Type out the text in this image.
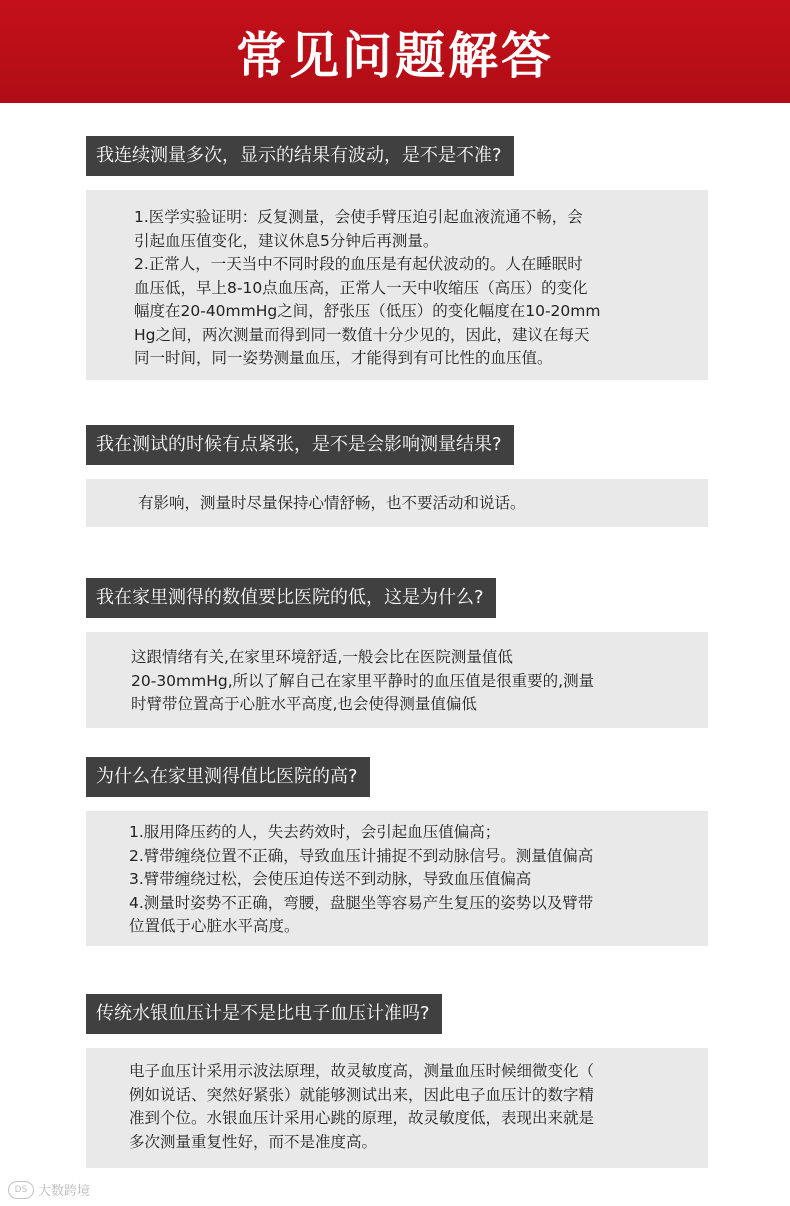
常见问题解答
我连续测量多次，显示的结果有波动，是不是不准?

1.医学实验证明：反复测量，会使手臂压迫引起血液流通不畅，会

引起血压值变化，建议休息5分钟后再测量。

2.正常人，一天当中不同时段的血压是有起伏波动的。人在睡眠时

血压低，早上8-10点血压高，正常人一天中收缩压（高压）的变化

幅度在20-40mmHg之间，舒张压（低压）的变化幅度在10-20mm

Hg之间，两次测量而得到同一数值十分少见的，因此，建议在每天

同一时间，同一姿势测量血压，才能得到有可比性的血压值。

我在测试的时候有点紧张，是不是会影响测量结果?

有影响，测量时尽量保持心情舒畅，也不要活动和说话。

我在家里测得的数值要比医院的低，这是为什么?

这跟情绪有关,在家里环境舒适,一般会比在医院测量值低

20-30mmHg,所以了解自己在家里平静时的血压值是很重要的,测量

时臂带位置高于心脏水平高度,也会使得测量值偏低

为什么在家里测得值比医院的高?

1.服用降压药的人，失去药效时，会引起血压值偏高；

2.臂带缠绕位置不正确，导致血压计捕捉不到动脉信号。测量值偏高

3.臂带缠绕过松，会使压迫传送不到动脉，导致血压值偏高

4.测量时姿势不正确，弯腰，盘腿坐等容易产生复压的姿势以及臂带

位置低于心脏水平高度。

传统水银血压计是不是比电子血压计准吗?

电子血压计采用示波法原理，故灵敏度高，测量血压时候细微变化（

例如说话、突然好紧张）就能够测试出来，因此电子血压计的数字精

准到个位。水银血压计采用心跳的原理，故灵敏度低，表现出来就是

多次测量重复性好，而不是准度高。

DS 大数跨境
